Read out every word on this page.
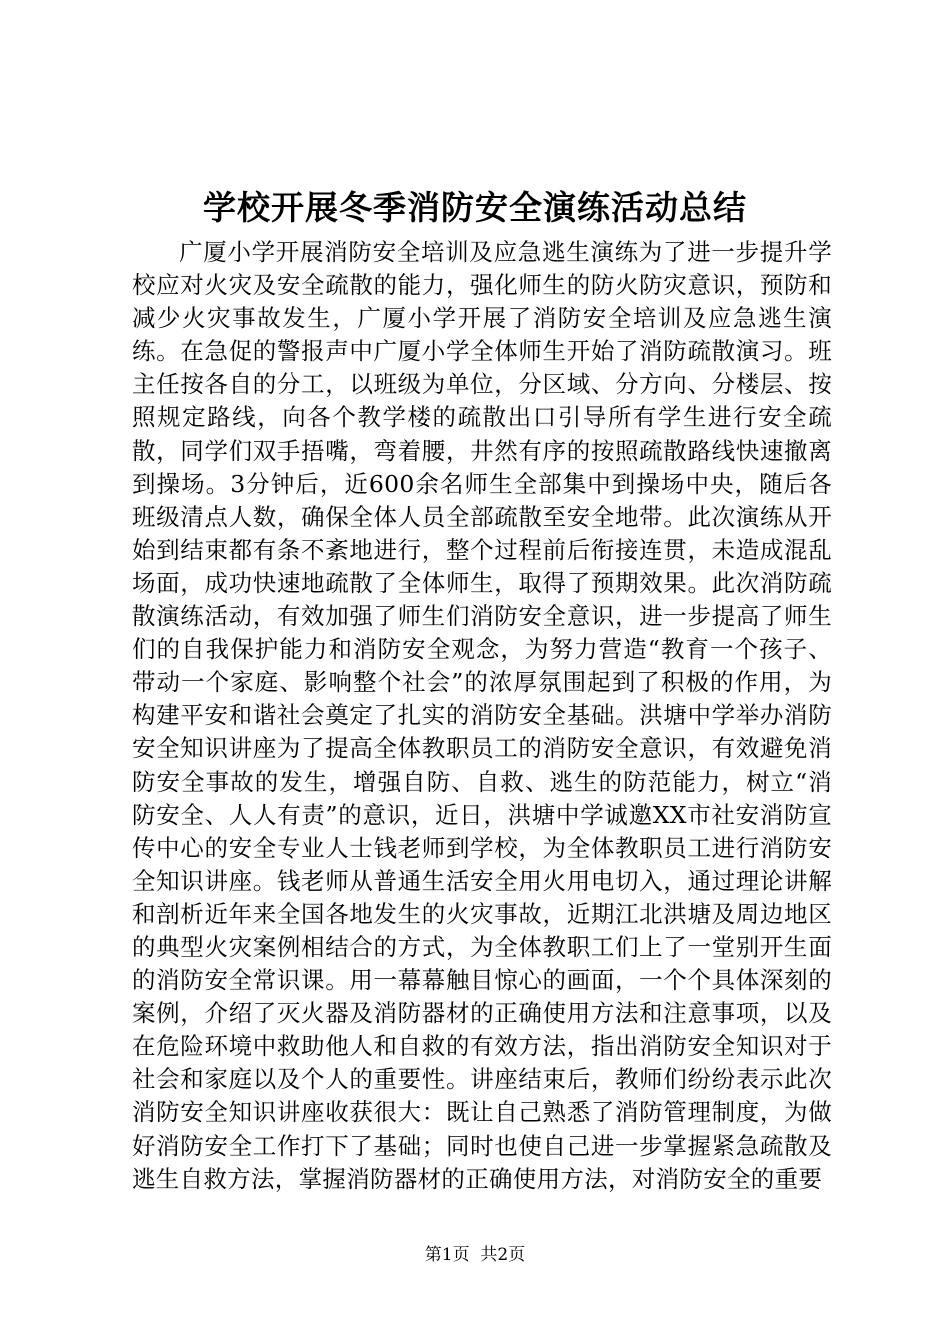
学校开展冬季消防安全演练活动总结

广厦小学开展消防安全培训及应急逃生演练为了进一步提升学校应对火灾及安全疏散的能力，强化师生的防火防灾意识，预防和减少火灾事故发生，广厦小学开展了消防安全培训及应急逃生演练。在急促的警报声中广厦小学全体师生开始了消防疏散演习。班主任按各自的分工，以班级为单位，分区域、分方向、分楼层、按照规定路线，向各个教学楼的疏散出口引导所有学生进行安全疏散，同学们双手捂嘴，弯着腰，井然有序的按照疏散路线快速撤离到操场。3分钟后，近600余名师生全部集中到操场中央，随后各班级清点人数，确保全体人员全部疏散至安全地带。此次演练从开始到结束都有条不紊地进行，整个过程前后衔接连贯，未造成混乱场面，成功快速地疏散了全体师生，取得了预期效果。此次消防疏散演练活动，有效加强了师生们消防安全意识，进一步提高了师生们的自我保护能力和消防安全观念，为努力营造“教育一个孩子、带动一个家庭、影响整个社会”的浓厚氛围起到了积极的作用，为构建平安和谐社会奠定了扎实的消防安全基础。洪塘中学举办消防安全知识讲座为了提高全体教职员工的消防安全意识，有效避免消防安全事故的发生，增强自防、自救、逃生的防范能力，树立“消防安全、人人有责”的意识，近日，洪塘中学诚邀XX市社安消防宣传中心的安全专业人士钱老师到学校，为全体教职员工进行消防安全知识讲座。钱老师从普通生活安全用火用电切入，通过理论讲解和剖析近年来全国各地发生的火灾事故，近期江北洪塘及周边地区的典型火灾案例相结合的方式，为全体教职工们上了一堂别开生面的消防安全常识课。用一幕幕触目惊心的画面，一个个具体深刻的案例，介绍了灭火器及消防器材的正确使用方法和注意事项，以及在危险环境中救助他人和自救的有效方法，指出消防安全知识对于社会和家庭以及个人的重要性。讲座结束后，教师们纷纷表示此次消防安全知识讲座收获很大：既让自己熟悉了消防管理制度，为做好消防安全工作打下了基础；同时也使自己进一步掌握紧急疏散及逃生自救方法，掌握消防器材的正确使用方法，对消防安全的重要

第1页 共2页
